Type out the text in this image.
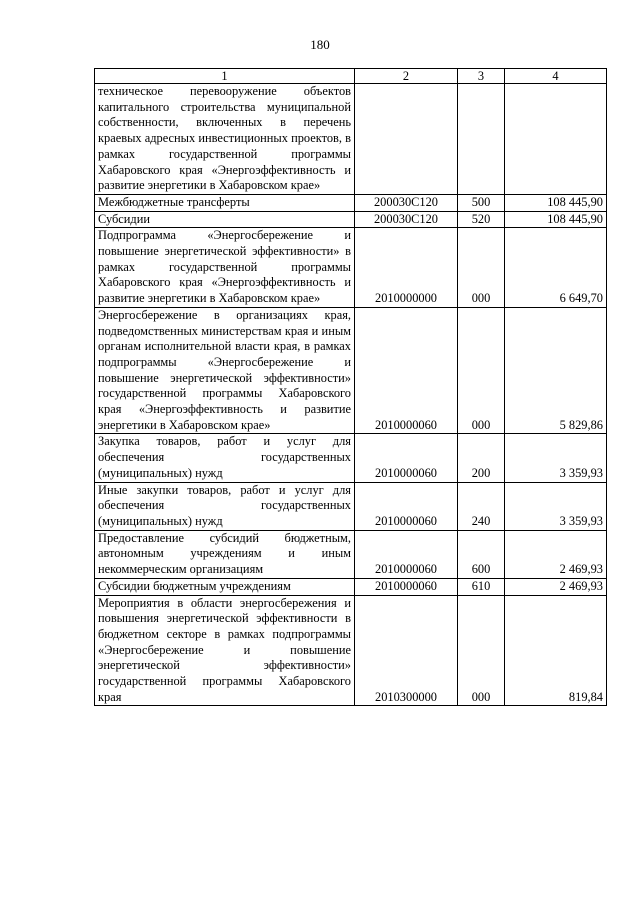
180
1	2	3	4
техническое перевооружение объектов капитального строительства муниципальной собственности, включенных в перечень краевых адресных инвестиционных проектов, в рамках государственной программы Хабаровского края «Энергоэффективность и развитие энергетики в Хабаровском крае»			
Межбюджетные трансферты	200030С120	500	108 445,90
Субсидии	200030С120	520	108 445,90
Подпрограмма «Энергосбережение и повышение энергетической эффективности» в рамках государственной программы Хабаровского края «Энергоэффективность и развитие энергетики в Хабаровском крае»	2010000000	000	6 649,70
Энергосбережение в организациях края, подведомственных министерствам края и иным органам исполнительной власти края, в рамках подпрограммы «Энергосбережение и повышение энергетической эффективности» государственной программы Хабаровского края «Энергоэффективность и развитие энергетики в Хабаровском крае»	2010000060	000	5 829,86
Закупка товаров, работ и услуг для обеспечения государственных (муниципальных) нужд	2010000060	200	3 359,93
Иные закупки товаров, работ и услуг для обеспечения государственных (муниципальных) нужд	2010000060	240	3 359,93
Предоставление субсидий бюджетным, автономным учреждениям и иным некоммерческим организациям	2010000060	600	2 469,93
Субсидии бюджетным учреждениям	2010000060	610	2 469,93
Мероприятия в области энергосбережения и повышения энергетической эффективности в бюджетном секторе в рамках подпрограммы «Энергосбережение и повышение энергетической эффективности» государственной программы Хабаровского края	2010300000	000	819,84
